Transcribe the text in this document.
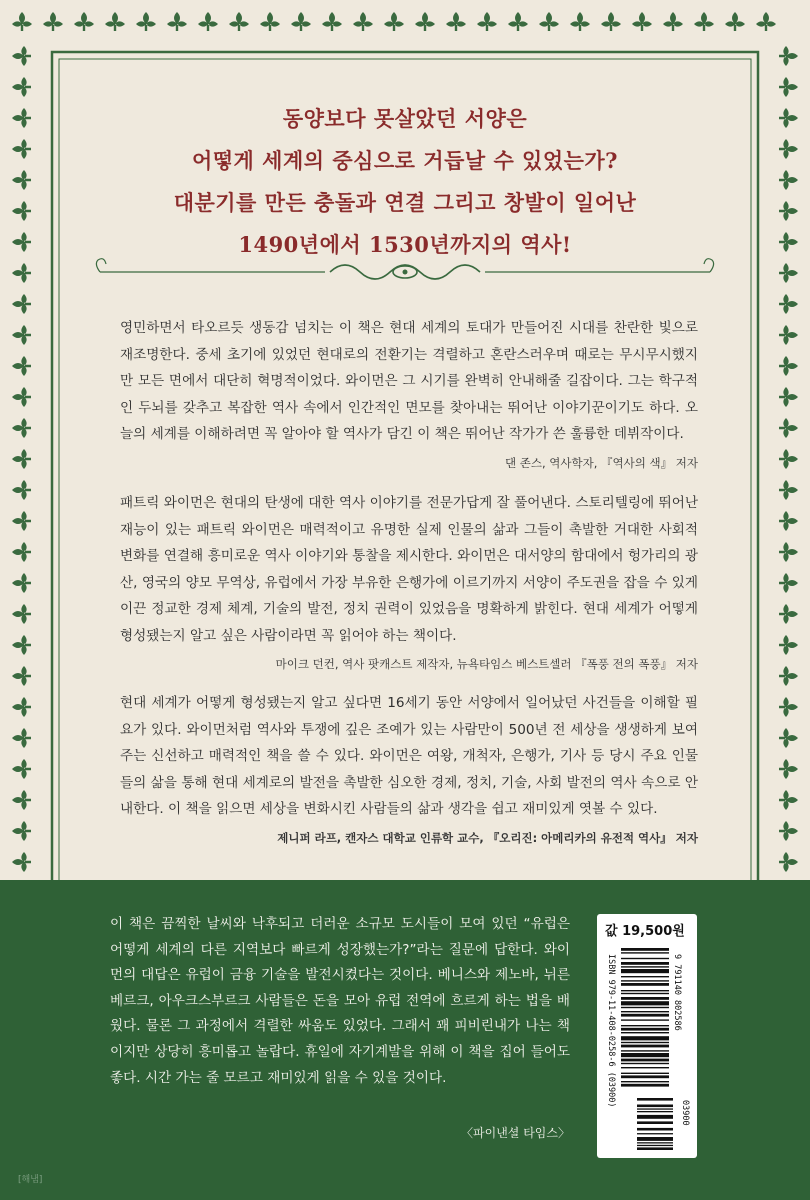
동양보다 못살았던 서양은
어떻게 세계의 중심으로 거듭날 수 있었는가?
대분기를 만든 충돌과 연결 그리고 창발이 일어난
1490년에서 1530년까지의 역사!

영민하면서 타오르듯 생동감 넘치는 이 책은 현대 세계의 토대가 만들어진 시대를 찬란한 빛으로 재조명한다. 중세 초기에 있었던 현대로의 전환기는 격렬하고 혼란스러우며 때로는 무시무시했지만 모든 면에서 대단히 혁명적이었다. 와이먼은 그 시기를 완벽히 안내해줄 길잡이다. 그는 학구적인 두뇌를 갖추고 복잡한 역사 속에서 인간적인 면모를 찾아내는 뛰어난 이야기꾼이기도 하다. 오늘의 세계를 이해하려면 꼭 알아야 할 역사가 담긴 이 책은 뛰어난 작가가 쓴 훌륭한 데뷔작이다.

댄 존스, 역사학자, 『역사의 색』 저자

패트릭 와이먼은 현대의 탄생에 대한 역사 이야기를 전문가답게 잘 풀어낸다. 스토리텔링에 뛰어난 재능이 있는 패트릭 와이먼은 매력적이고 유명한 실제 인물의 삶과 그들이 촉발한 거대한 사회적 변화를 연결해 흥미로운 역사 이야기와 통찰을 제시한다. 와이먼은 대서양의 함대에서 헝가리의 광산, 영국의 양모 무역상, 유럽에서 가장 부유한 은행가에 이르기까지 서양이 주도권을 잡을 수 있게 이끈 정교한 경제 체계, 기술의 발전, 정치 권력이 있었음을 명확하게 밝힌다. 현대 세계가 어떻게 형성됐는지 알고 싶은 사람이라면 꼭 읽어야 하는 책이다.

마이크 던컨, 역사 팟캐스트 제작자, 뉴욕타임스 베스트셀러 『폭풍 전의 폭풍』 저자

현대 세계가 어떻게 형성됐는지 알고 싶다면 16세기 동안 서양에서 일어났던 사건들을 이해할 필요가 있다. 와이먼처럼 역사와 투쟁에 깊은 조예가 있는 사람만이 500년 전 세상을 생생하게 보여주는 신선하고 매력적인 책을 쓸 수 있다. 와이먼은 여왕, 개척자, 은행가, 기사 등 당시 주요 인물들의 삶을 통해 현대 세계로의 발전을 촉발한 심오한 경제, 정치, 기술, 사회 발전의 역사 속으로 안내한다. 이 책을 읽으면 세상을 변화시킨 사람들의 삶과 생각을 쉽고 재미있게 엿볼 수 있다.

제니퍼 라프, 캔자스 대학교 인류학 교수, 『오리진: 아메리카의 유전적 역사』 저자

이 책은 끔찍한 날씨와 낙후되고 더러운 소규모 도시들이 모여 있던 “유럽은 어떻게 세계의 다른 지역보다 빠르게 성장했는가?”라는 질문에 답한다. 와이먼의 대답은 유럽이 금융 기술을 발전시켰다는 것이다. 베니스와 제노바, 뉘른베르크, 아우크스부르크 사람들은 돈을 모아 유럽 전역에 흐르게 하는 법을 배웠다. 물론 그 과정에서 격렬한 싸움도 있었다. 그래서 꽤 피비린내가 나는 책이지만 상당히 흥미롭고 놀랍다. 휴일에 자기계발을 위해 이 책을 집어 들어도 좋다. 시간 가는 줄 모르고 재미있게 읽을 수 있을 것이다.

〈파이낸셜 타임스〉
ISBN 979-11-408-0258-6 (03900)	9 791140 802586
03900
값 19,500원
[해냄]
